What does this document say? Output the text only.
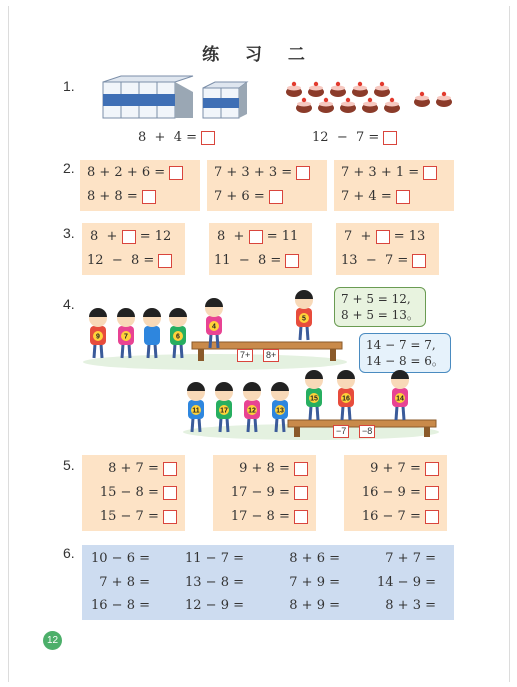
练 习 二
1.
8 + 4 =	12 − 7 =
2. 8 + 2 + 6 =
8 + 8 =
7 + 3 + 3 =
7 + 6 =
7 + 3 + 1 =
7 + 4 =
3. 8 + = 12
12 − 8 =
8 + = 11
11 − 8 =
7 + = 13
13 − 7 =
4.
9	7	6
4
5
7+	8+
7 + 5 = 12,
8 + 5 = 13。
14 − 7 = 7,
14 − 8 = 6。
11	17	12	13
15	16	14
−7	−8
5.	8 + 7 =
15 − 8 =
15 − 7 =
9 + 8 =
17 − 9 =
17 − 8 =
9 + 7 =
16 − 9 =
16 − 7 =
6. 10 − 6 =	11 − 7 =	8 + 6 =	7 + 7 =
7 + 8 =	13 − 8 =	7 + 9 =	14 − 9 =
16 − 8 =	12 − 9 =	8 + 9 =	8 + 3 =
12
